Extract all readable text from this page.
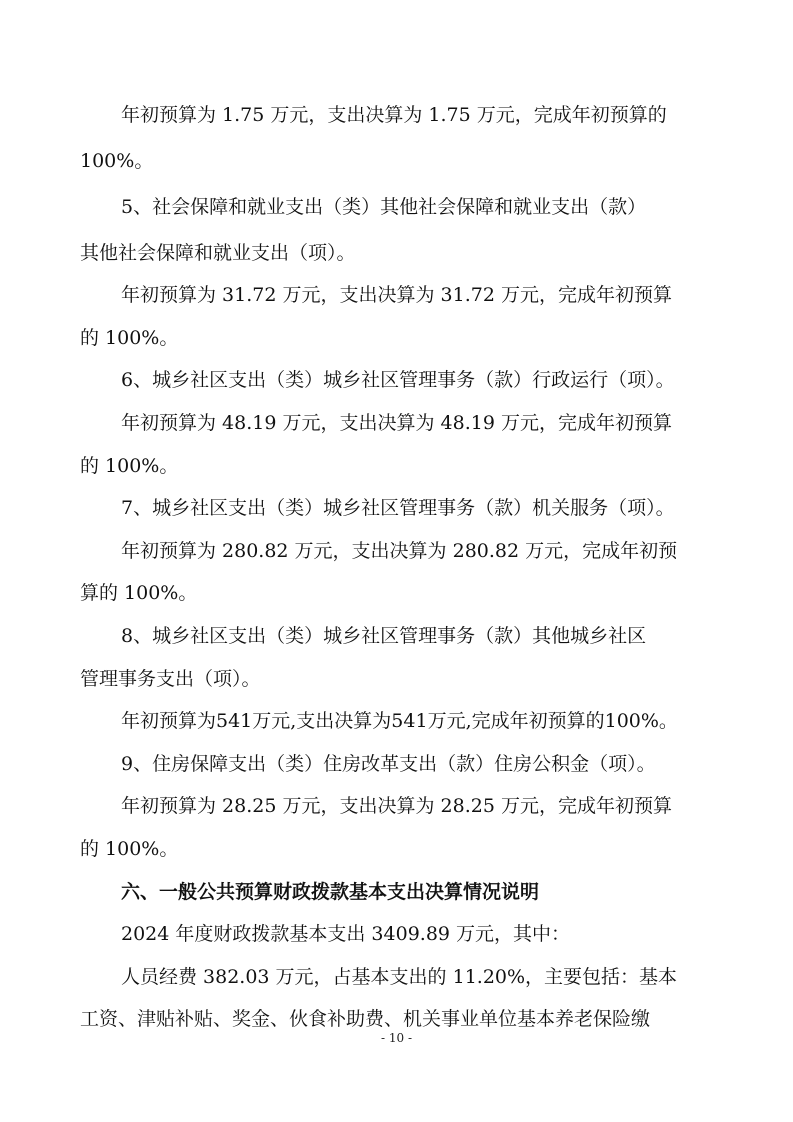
年初预算为 1.75 万元，支出决算为 1.75 万元，完成年初预算的

100%。

5、社会保障和就业支出（类）其他社会保障和就业支出（款）

其他社会保障和就业支出（项）。

年初预算为 31.72 万元，支出决算为 31.72 万元，完成年初预算

的 100%。

6、城乡社区支出（类）城乡社区管理事务（款）行政运行（项）。

年初预算为 48.19 万元，支出决算为 48.19 万元，完成年初预算

的 100%。

7、城乡社区支出（类）城乡社区管理事务（款）机关服务（项）。

年初预算为 280.82 万元，支出决算为 280.82 万元，完成年初预

算的 100%。

8、城乡社区支出（类）城乡社区管理事务（款）其他城乡社区

管理事务支出（项）。

年初预算为541万元,支出决算为541万元,完成年初预算的100%。

9、住房保障支出（类）住房改革支出（款）住房公积金（项）。

年初预算为 28.25 万元，支出决算为 28.25 万元，完成年初预算

的 100%。

六、一般公共预算财政拨款基本支出决算情况说明

2024 年度财政拨款基本支出 3409.89 万元，其中：

人员经费 382.03 万元，占基本支出的 11.20%，主要包括：基本

工资、津贴补贴、奖金、伙食补助费、机关事业单位基本养老保险缴

- 10 -
